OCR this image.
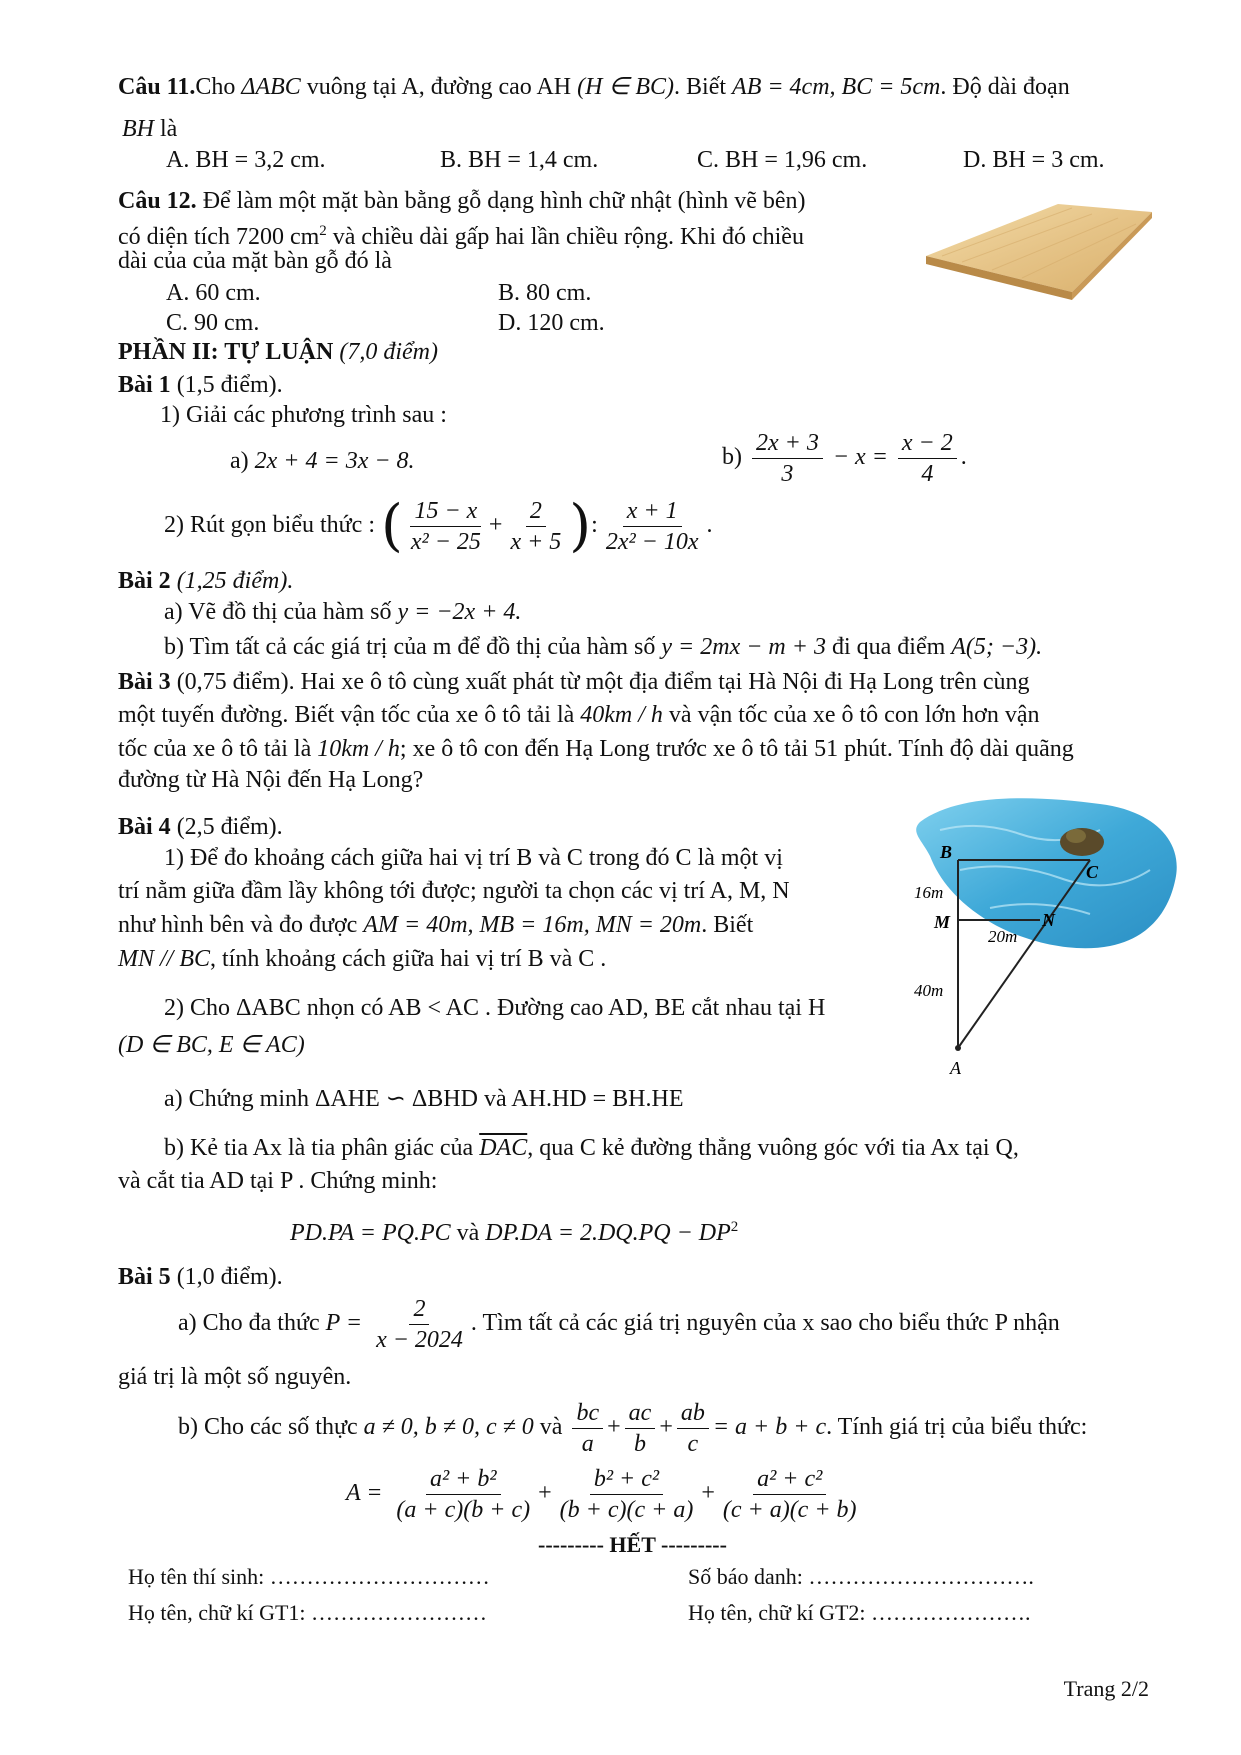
Câu 11.Cho ΔABC vuông tại A, đường cao AH (H ∈ BC). Biết AB = 4cm, BC = 5cm. Độ dài đoạn
BH là
A. BH = 3,2 cm.	B. BH = 1,4 cm.	C. BH = 1,96 cm.	D. BH = 3 cm.
Câu 12. Để làm một mặt bàn bằng gỗ dạng hình chữ nhật (hình vẽ bên)
có diện tích 7200 $cm^2$ và chiều dài gấp hai lần chiều rộng. Khi đó chiều
dài của của mặt bàn gỗ đó là
A. 60 cm.	B. 80 cm.
C. 90 cm.	D. 120 cm.
PHẦN II: TỰ LUẬN (7,0 điểm)
Bài 1 (1,5 điểm).
1) Giải các phương trình sau :
a) 2x + 4 = 3x − 8.	$b) \frac{2x + 3}{3} - x = \frac{x - 2}{4}$ .
2) Rút gọn biểu thức : ( $\frac{15 - x}{\text{x² − 25}} + \frac{2}{x + 5}$ ): $\frac{x + 1}{\text{2x² − 10x}}$ .
Bài 2 (1,25 điểm).
a) Vẽ đồ thị của hàm số y = −2x + 4.
b) Tìm tất cả các giá trị của m để đồ thị của hàm số y = 2mx − m + 3 đi qua điểm A(5; −3).
Bài 3 (0,75 điểm). Hai xe ô tô cùng xuất phát từ một địa điểm tại Hà Nội đi Hạ Long trên cùng
một tuyến đường. Biết vận tốc của xe ô tô tải là 40km / h và vận tốc của xe ô tô con lớn hơn vận
tốc của xe ô tô tải là 10km / h; xe ô tô con đến Hạ Long trước xe ô tô tải 51 phút. Tính độ dài quãng
đường từ Hà Nội đến Hạ Long?
Bài 4 (2,5 điểm).
1) Để đo khoảng cách giữa hai vị trí B và C trong đó C là một vị
trí nằm giữa đầm lầy không tới được; người ta chọn các vị trí A, M, N
như hình bên và đo được AM = 40m, MB = 16m, MN = 20m. Biết
MN // BC, tính khoảng cách giữa hai vị trí B và C .
2) Cho ΔABC nhọn có AB < AC . Đường cao AD, BE cắt nhau tại H
(D ∈ BC, E ∈ AC)
a) Chứng minh ΔAHE ∽ ΔBHD và AH.HD = BH.HE
b) Kẻ tia Ax là tia phân giác của $\overline{DAC}$, qua C kẻ đường thẳng vuông góc với tia Ax tại Q,
và cắt tia AD tại P . Chứng minh:
PD.PA = PQ.PC và $DP.DA = 2.DQ.PQ - DP^2$
B
C
M	N
A
16m
20m
40m
Bài 5 (1,0 điểm).
a) Cho đa thức $P = \frac{2}{x - 2024}$ . Tìm tất cả các giá trị nguyên của x sao cho biểu thức P nhận
giá trị là một số nguyên.
b) Cho các số thực a ≠ 0, b ≠ 0, c ≠ 0 và $\frac{bc}{a} + \frac{ac}{b} + \frac{ab}{c} = a + b + c$. Tính giá trị của biểu thức:
$A = \frac{\text{a² + b²}}{(a + c)(b + c)} + \frac{\text{b² + c²}}{(b + c)(c + a)} + \frac{\text{a² + c²}}{(c + a)(c + b)}$
--------- HẾT ---------
Họ tên thí sinh: …………………………	Số báo danh: ………………………….
Họ tên, chữ kí GT1: ……………………	Họ tên, chữ kí GT2: ………………….
Trang 2/2
